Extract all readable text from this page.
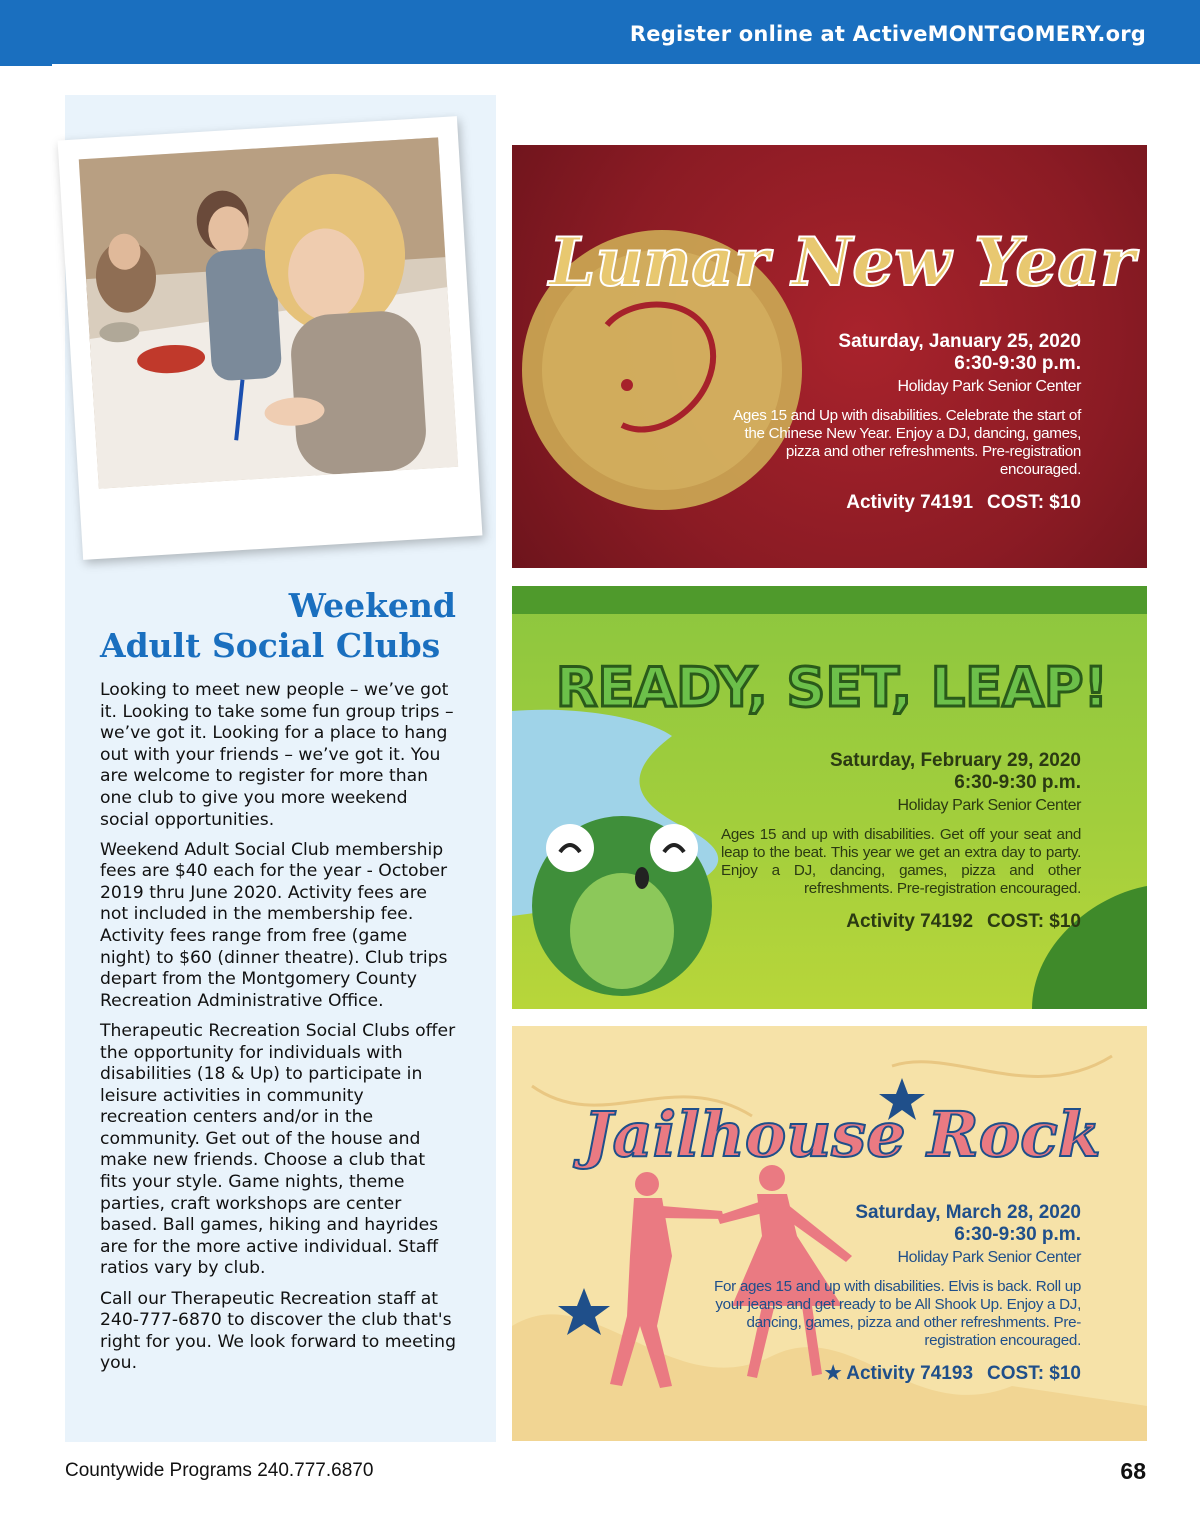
Register online at ActiveMONTGOMERY.org
Weekend
Adult Social Clubs

Looking to meet new people – we’ve got it. Looking to take some fun group trips – we’ve got it. Looking for a place to hang out with your friends – we’ve got it. You are welcome to register for more than one club to give you more weekend social opportunities.

Weekend Adult Social Club membership fees are $40 each for the year - October 2019 thru June 2020. Activity fees are not included in the membership fee. Activity fees range from free (game night) to $60 (dinner theatre). Club trips depart from the Montgomery County Recreation Administrative Office.

Therapeutic Recreation Social Clubs offer the opportunity for individuals with disabilities (18 & Up) to participate in leisure activities in community recreation centers and/or in the community. Get out of the house and make new friends. Choose a club that fits your style. Game nights, theme parties, craft workshops are center based. Ball games, hiking and hayrides are for the more active individual. Staff ratios vary by club.

Call our Therapeutic Recreation staff at 240-777-6870 to discover the club that's right for you. We look forward to meeting you.

Lunar New Year
Saturday, January 25, 2020
6:30-9:30 p.m.
Holiday Park Senior Center
Ages 15 and Up with disabilities. Celebrate the start of the Chinese New Year. Enjoy a DJ, dancing, games, pizza and other refreshments. Pre-registration encouraged.
Activity 74191 COST: $10
READY, SET, LEAP!
Saturday, February 29, 2020
6:30-9:30 p.m.
Holiday Park Senior Center
Ages 15 and up with disabilities. Get off your seat and leap to the beat. This year we get an extra day to party. Enjoy a DJ, dancing, games, pizza and other refreshments. Pre-registration encouraged.
Activity 74192 COST: $10
Jailhouse Rock
Saturday, March 28, 2020
6:30-9:30 p.m.
Holiday Park Senior Center
For ages 15 and up with disabilities. Elvis is back. Roll up your jeans and get ready to be All Shook Up. Enjoy a DJ, dancing, games, pizza and other refreshments. Pre-registration encouraged.
★ Activity 74193 COST: $10
Countywide Programs 240.777.6870	68
